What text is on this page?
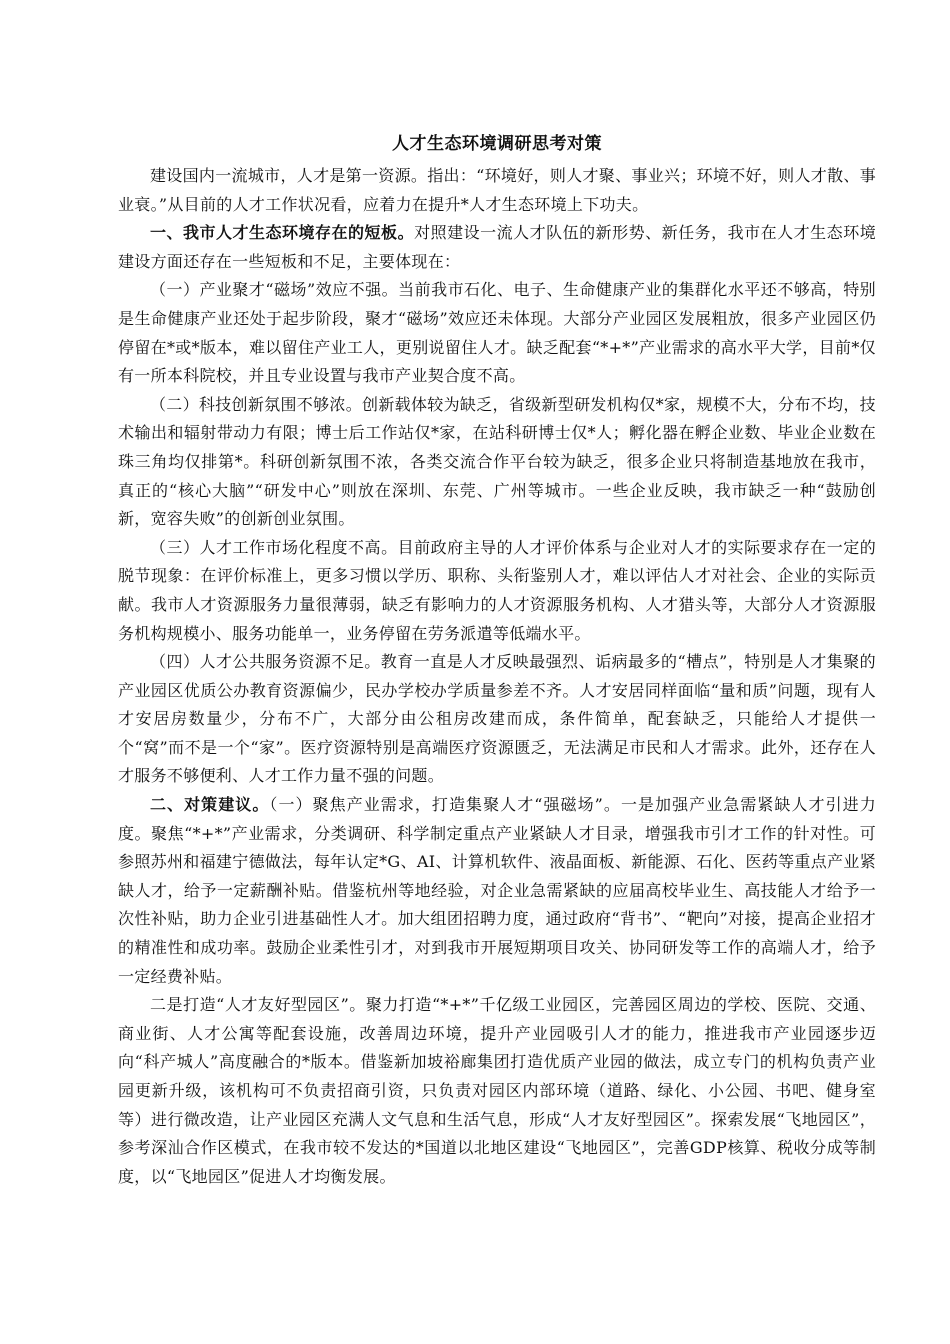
人才生态环境调研思考对策

建设国内一流城市，人才是第一资源。指出：“环境好，则人才聚、事业兴；环境不好，则人才散、事业衰。”从目前的人才工作状况看，应着力在提升*人才生态环境上下功夫。

一、我市人才生态环境存在的短板。对照建设一流人才队伍的新形势、新任务，我市在人才生态环境建设方面还存在一些短板和不足，主要体现在：

（一）产业聚才“磁场”效应不强。当前我市石化、电子、生命健康产业的集群化水平还不够高，特别是生命健康产业还处于起步阶段，聚才“磁场”效应还未体现。大部分产业园区发展粗放，很多产业园区仍停留在*或*版本，难以留住产业工人，更别说留住人才。缺乏配套“*+*”产业需求的高水平大学，目前*仅有一所本科院校，并且专业设置与我市产业契合度不高。

（二）科技创新氛围不够浓。创新载体较为缺乏，省级新型研发机构仅*家，规模不大，分布不均，技术输出和辐射带动力有限；博士后工作站仅*家，在站科研博士仅*人；孵化器在孵企业数、毕业企业数在珠三角均仅排第*。科研创新氛围不浓，各类交流合作平台较为缺乏，很多企业只将制造基地放在我市，真正的“核心大脑”“研发中心”则放在深圳、东莞、广州等城市。一些企业反映，我市缺乏一种“鼓励创新，宽容失败”的创新创业氛围。

（三）人才工作市场化程度不高。目前政府主导的人才评价体系与企业对人才的实际要求存在一定的脱节现象：在评价标准上，更多习惯以学历、职称、头衔鉴别人才，难以评估人才对社会、企业的实际贡献。我市人才资源服务力量很薄弱，缺乏有影响力的人才资源服务机构、人才猎头等，大部分人才资源服务机构规模小、服务功能单一，业务停留在劳务派遣等低端水平。

（四）人才公共服务资源不足。教育一直是人才反映最强烈、诟病最多的“槽点”，特别是人才集聚的产业园区优质公办教育资源偏少，民办学校办学质量参差不齐。人才安居同样面临“量和质”问题，现有人才安居房数量少，分布不广，大部分由公租房改建而成，条件简单，配套缺乏，只能给人才提供一个“窝”而不是一个“家”。医疗资源特别是高端医疗资源匮乏，无法满足市民和人才需求。此外，还存在人才服务不够便利、人才工作力量不强的问题。

二、对策建议。（一）聚焦产业需求，打造集聚人才“强磁场”。一是加强产业急需紧缺人才引进力度。聚焦“*+*”产业需求，分类调研、科学制定重点产业紧缺人才目录，增强我市引才工作的针对性。可参照苏州和福建宁德做法，每年认定*G、AI、计算机软件、液晶面板、新能源、石化、医药等重点产业紧缺人才，给予一定薪酬补贴。借鉴杭州等地经验，对企业急需紧缺的应届高校毕业生、高技能人才给予一次性补贴，助力企业引进基础性人才。加大组团招聘力度，通过政府“背书”、“靶向”对接，提高企业招才的精准性和成功率。鼓励企业柔性引才，对到我市开展短期项目攻关、协同研发等工作的高端人才，给予一定经费补贴。

二是打造“人才友好型园区”。聚力打造“*+*”千亿级工业园区，完善园区周边的学校、医院、交通、商业街、人才公寓等配套设施，改善周边环境，提升产业园吸引人才的能力，推进我市产业园逐步迈向“科产城人”高度融合的*版本。借鉴新加坡裕廊集团打造优质产业园的做法，成立专门的机构负责产业园更新升级，该机构可不负责招商引资，只负责对园区内部环境（道路、绿化、小公园、书吧、健身室等）进行微改造，让产业园区充满人文气息和生活气息，形成“人才友好型园区”。探索发展“飞地园区”，参考深汕合作区模式，在我市较不发达的*国道以北地区建设“飞地园区”，完善GDP核算、税收分成等制度，以“飞地园区”促进人才均衡发展。
